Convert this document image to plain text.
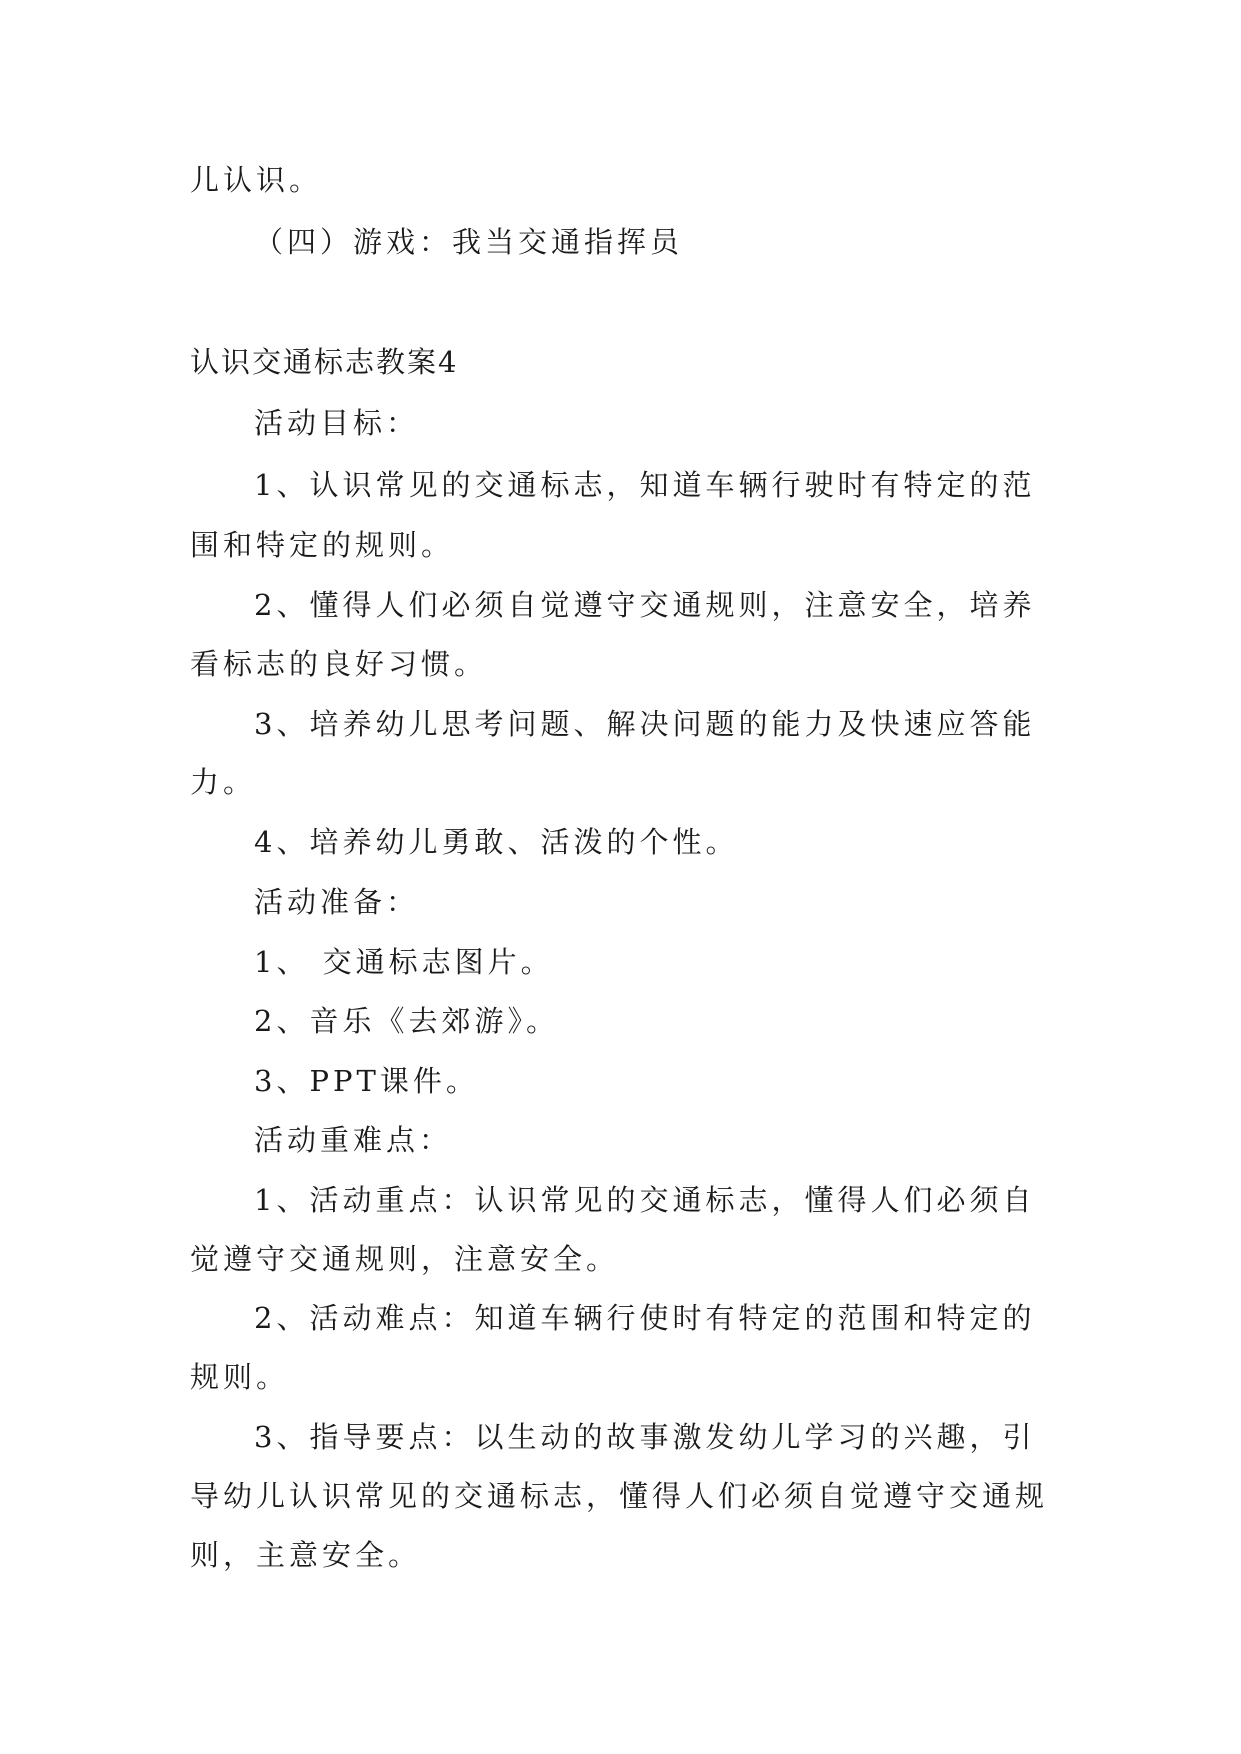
儿认识。
（四）游戏：我当交通指挥员
认识交通标志教案4
活动目标：
1、认识常见的交通标志，知道车辆行驶时有特定的范
围和特定的规则。
2、懂得人们必须自觉遵守交通规则，注意安全，培养
看标志的良好习惯。
3、培养幼儿思考问题、解决问题的能力及快速应答能
力。
4、培养幼儿勇敢、活泼的个性。
活动准备：
1、 交通标志图片。
2、音乐《去郊游》。
3、PPT课件。
活动重难点：
1、活动重点：认识常见的交通标志，懂得人们必须自
觉遵守交通规则，注意安全。
2、活动难点：知道车辆行使时有特定的范围和特定的
规则。
3、指导要点：以生动的故事激发幼儿学习的兴趣，引
导幼儿认识常见的交通标志，懂得人们必须自觉遵守交通规
则，主意安全。
